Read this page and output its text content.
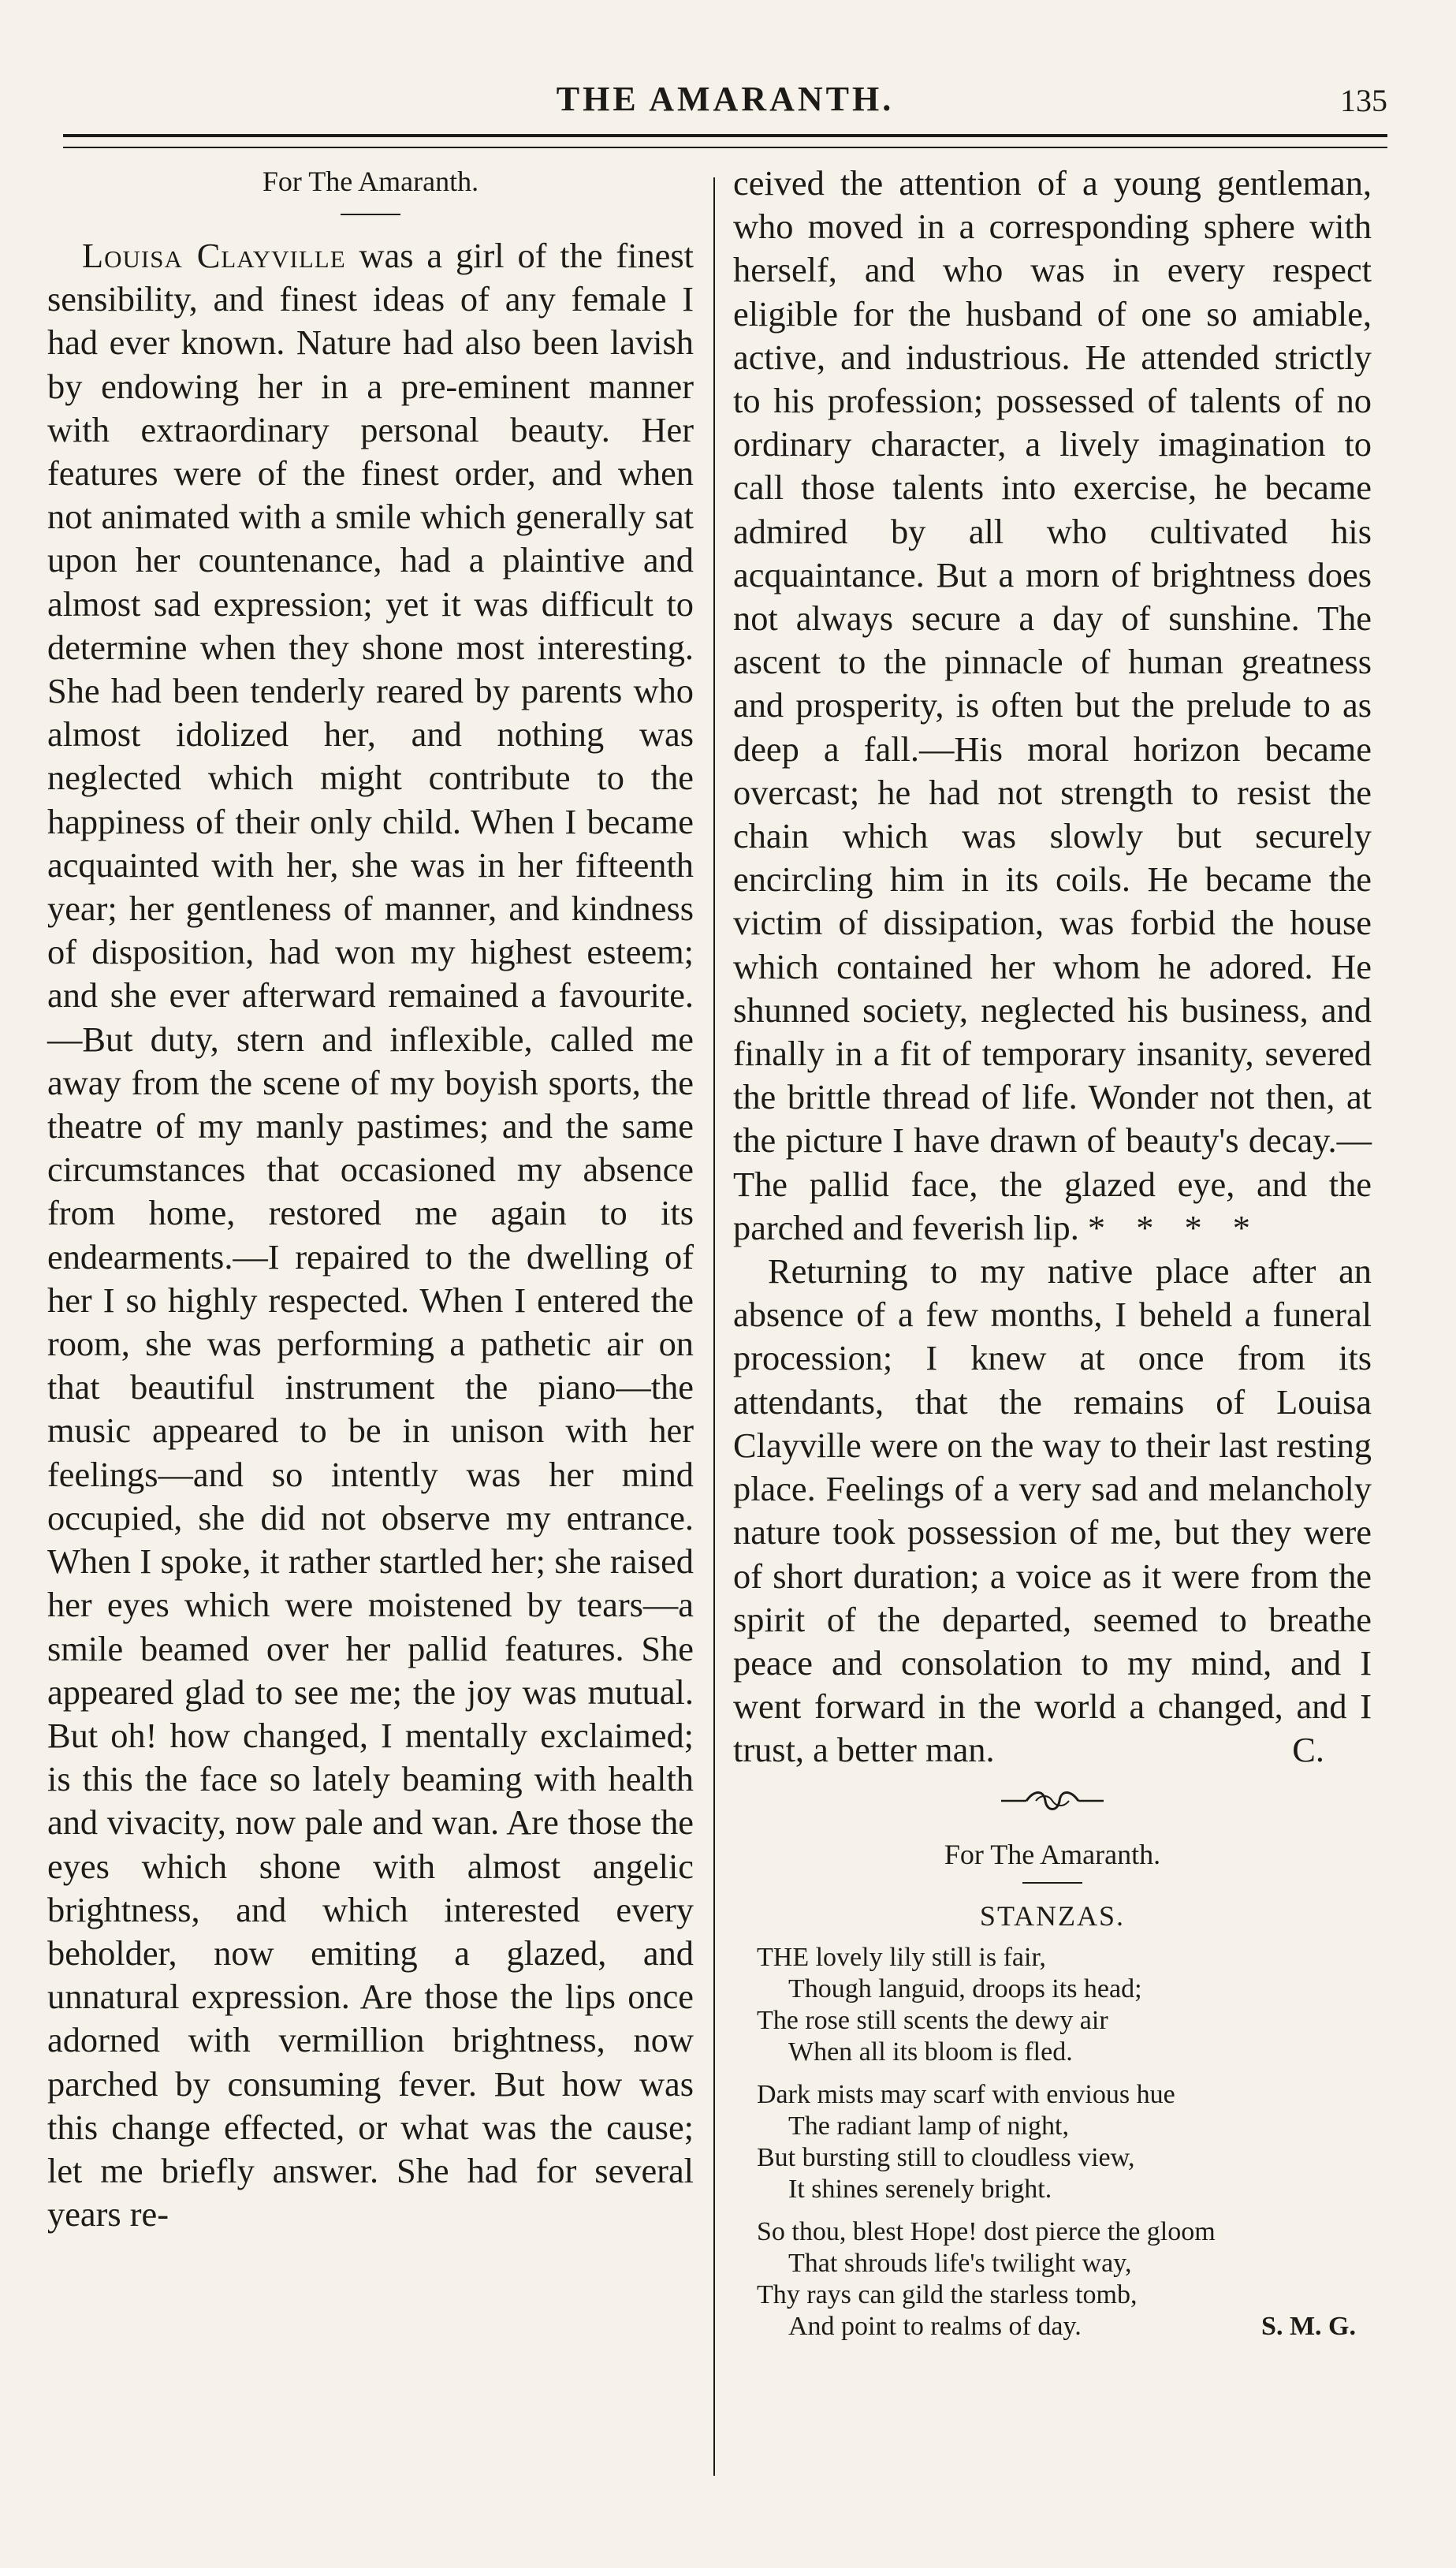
THE AMARANTH.	135

For The Amaranth.

Louisa Clayville was a girl of the finest sensibility, and finest ideas of any female I had ever known. Nature had also been lavish by endowing her in a pre-eminent manner with extraordinary personal beauty. Her features were of the finest order, and when not animated with a smile which generally sat upon her countenance, had a plaintive and almost sad expression; yet it was difficult to determine when they shone most interesting. She had been tenderly reared by parents who almost idolized her, and nothing was neglected which might contribute to the happiness of their only child. When I became acquainted with her, she was in her fifteenth year; her gentleness of manner, and kindness of disposition, had won my highest esteem; and she ever afterward remained a favourite.—But duty, stern and inflexible, called me away from the scene of my boyish sports, the theatre of my manly pastimes; and the same circumstances that occasioned my absence from home, restored me again to its endearments.—I repaired to the dwelling of her I so highly respected. When I entered the room, she was performing a pathetic air on that beautiful instrument the piano—the music appeared to be in unison with her feelings—and so intently was her mind occupied, she did not observe my entrance. When I spoke, it rather startled her; she raised her eyes which were moistened by tears—a smile beamed over her pallid features. She appeared glad to see me; the joy was mutual. But oh! how changed, I mentally exclaimed; is this the face so lately beaming with health and vivacity, now pale and wan. Are those the eyes which shone with almost angelic brightness, and which interested every beholder, now emiting a glazed, and unnatural expression. Are those the lips once adorned with vermillion brightness, now parched by consuming fever. But how was this change effected, or what was the cause; let me briefly answer. She had for several years re-

ceived the attention of a young gentleman, who moved in a corresponding sphere with herself, and who was in every respect eligible for the husband of one so amiable, active, and industrious. He attended strictly to his profession; possessed of talents of no ordinary character, a lively imagination to call those talents into exercise, he became admired by all who cultivated his acquaintance. But a morn of brightness does not always secure a day of sunshine. The ascent to the pinnacle of human greatness and prosperity, is often but the prelude to as deep a fall.—His moral horizon became overcast; he had not strength to resist the chain which was slowly but securely encircling him in its coils. He became the victim of dissipation, was forbid the house which contained her whom he adored. He shunned society, neglected his business, and finally in a fit of temporary insanity, severed the brittle thread of life. Wonder not then, at the picture I have drawn of beauty's decay.—The pallid face, the glazed eye, and the parched and feverish lip. * * * *

Returning to my native place after an absence of a few months, I beheld a funeral procession; I knew at once from its attendants, that the remains of Louisa Clayville were on the way to their last resting place. Feelings of a very sad and melancholy nature took possession of me, but they were of short duration; a voice as it were from the spirit of the departed, seemed to breathe peace and consolation to my mind, and I went forward in the world a changed, and I trust, a better man.	C.

For The Amaranth.

STANZAS.

THE lovely lily still is fair,
Though languid, droops its head;
The rose still scents the dewy air
When all its bloom is fled.
Dark mists may scarf with envious hue
The radiant lamp of night,
But bursting still to cloudless view,
It shines serenely bright.
So thou, blest Hope! dost pierce the gloom
That shrouds life's twilight way,
Thy rays can gild the starless tomb,
And point to realms of day.	S. M. G.
